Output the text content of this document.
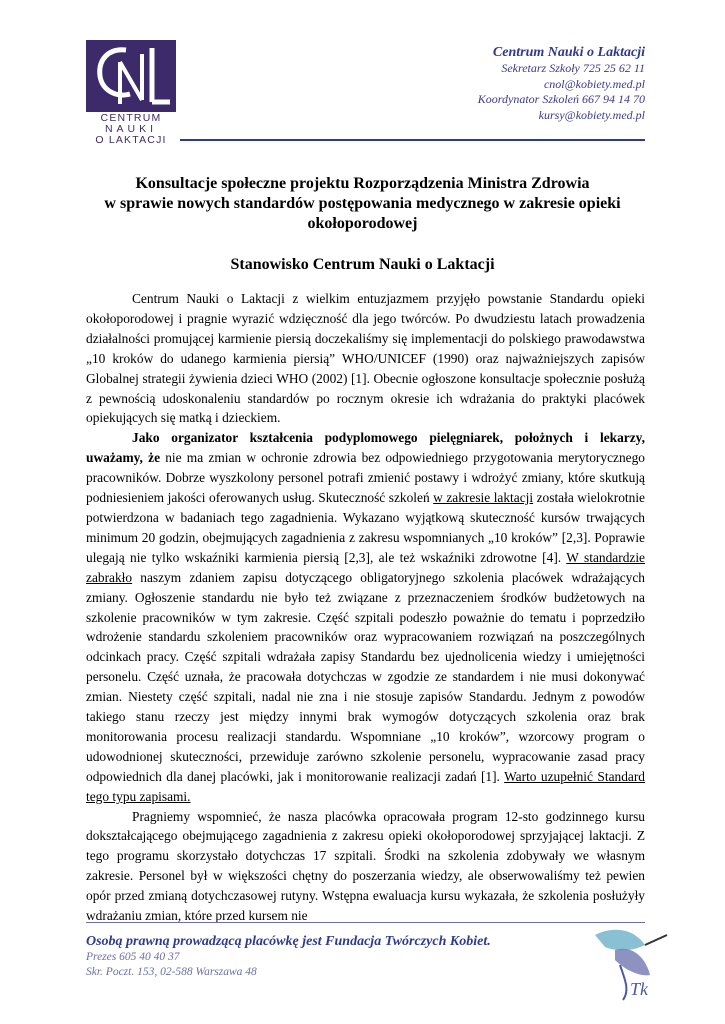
CENTRUM
NAUKI
O LAKTACJI
Centrum Nauki o Laktacji
Sekretarz Szkoły 725 25 62 11
cnol@kobiety.med.pl
Koordynator Szkoleń 667 94 14 70
kursy@kobiety.med.pl
Konsultacje społeczne projektu Rozporządzenia Ministra Zdrowia
w sprawie nowych standardów postępowania medycznego w zakresie opieki
okołoporodowej
Stanowisko Centrum Nauki o Laktacji

Centrum Nauki o Laktacji z wielkim entuzjazmem przyjęło powstanie Standardu opieki okołoporodowej i pragnie wyrazić wdzięczność dla jego twórców. Po dwudziestu latach prowadzenia działalności promującej karmienie piersią doczekaliśmy się implementacji do polskiego prawodawstwa „10 kroków do udanego karmienia piersią” WHO/UNICEF (1990) oraz najważniejszych zapisów Globalnej strategii żywienia dzieci WHO (2002) [1]. Obecnie ogłoszone konsultacje społecznie posłużą z pewnością udoskonaleniu standardów po rocznym okresie ich wdrażania do praktyki placówek opiekujących się matką i dzieckiem.

Jako organizator kształcenia podyplomowego pielęgniarek, położnych i lekarzy, uważamy, że nie ma zmian w ochronie zdrowia bez odpowiedniego przygotowania merytorycznego pracowników. Dobrze wyszkolony personel potrafi zmienić postawy i wdrożyć zmiany, które skutkują podniesieniem jakości oferowanych usług. Skuteczność szkoleń w zakresie laktacji została wielokrotnie potwierdzona w badaniach tego zagadnienia. Wykazano wyjątkową skuteczność kursów trwających minimum 20 godzin, obejmujących zagadnienia z zakresu wspomnianych „10 kroków” [2,3]. Poprawie ulegają nie tylko wskaźniki karmienia piersią [2,3], ale też wskaźniki zdrowotne [4]. W standardzie zabrakło naszym zdaniem zapisu dotyczącego obligatoryjnego szkolenia placówek wdrażających zmiany. Ogłoszenie standardu nie było też związane z przeznaczeniem środków budżetowych na szkolenie pracowników w tym zakresie. Część szpitali podeszło poważnie do tematu i poprzedziło wdrożenie standardu szkoleniem pracowników oraz wypracowaniem rozwiązań na poszczególnych odcinkach pracy. Część szpitali wdrażała zapisy Standardu bez ujednolicenia wiedzy i umiejętności personelu. Część uznała, że pracowała dotychczas w zgodzie ze standardem i nie musi dokonywać zmian. Niestety część szpitali, nadal nie zna i nie stosuje zapisów Standardu. Jednym z powodów takiego stanu rzeczy jest między innymi brak wymogów dotyczących szkolenia oraz brak monitorowania procesu realizacji standardu. Wspomniane „10 kroków”, wzorcowy program o udowodnionej skuteczności, przewiduje zarówno szkolenie personelu, wypracowanie zasad pracy odpowiednich dla danej placówki, jak i monitorowanie realizacji zadań [1]. Warto uzupełnić Standard tego typu zapisami.

Pragniemy wspomnieć, że nasza placówka opracowała program 12-sto godzinnego kursu dokształcającego obejmującego zagadnienia z zakresu opieki okołoporodowej sprzyjającej laktacji. Z tego programu skorzystało dotychczas 17 szpitali. Środki na szkolenia zdobywały we własnym zakresie. Personel był w większości chętny do poszerzania wiedzy, ale obserwowaliśmy też pewien opór przed zmianą dotychczasowej rutyny. Wstępna ewaluacja kursu wykazała, że szkolenia posłużyły wdrażaniu zmian, które przed kursem nie

Osobą prawną prowadzącą placówkę jest Fundacja Twórczych Kobiet.
Prezes 605 40 40 37
Skr. Poczt. 153, 02-588 Warszawa 48
Tk
